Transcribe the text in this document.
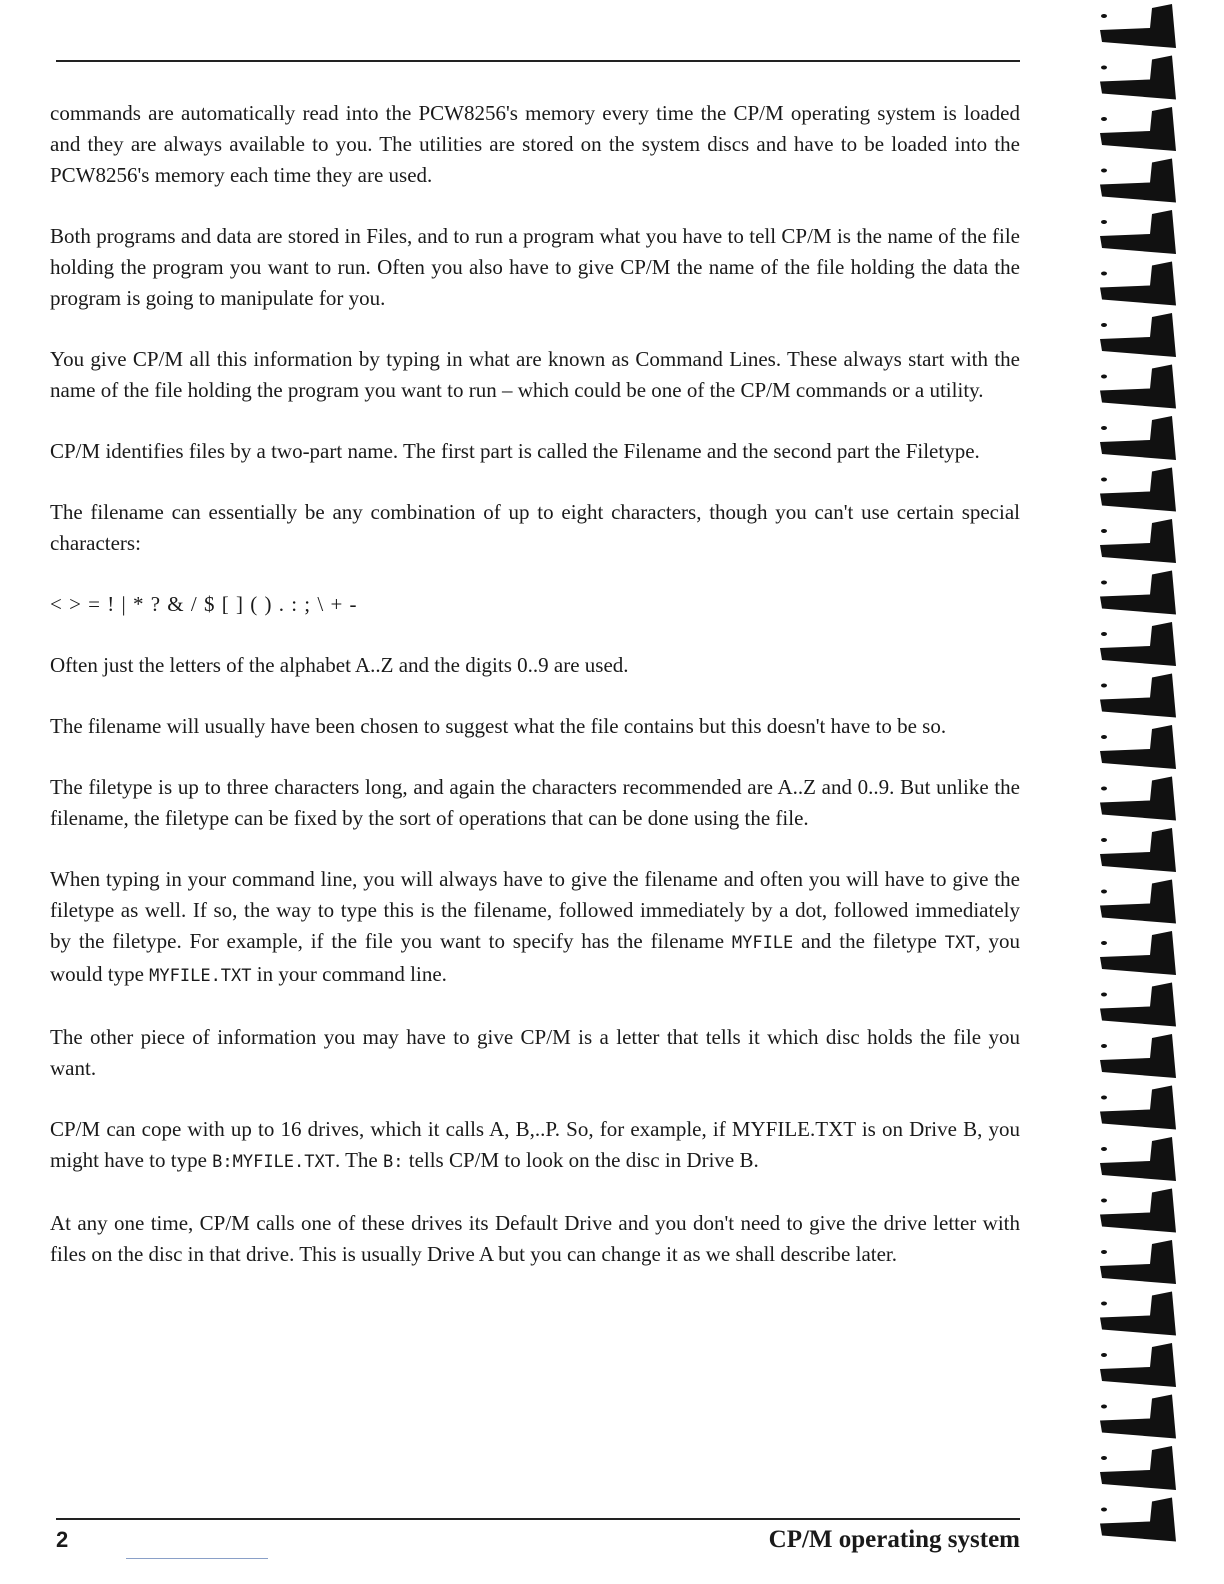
commands are automatically read into the PCW8256's memory every time the CP/M operating system is loaded and they are always available to you. The utilities are stored on the system discs and have to be loaded into the PCW8256's memory each time they are used.

Both programs and data are stored in Files, and to run a program what you have to tell CP/M is the name of the file holding the program you want to run. Often you also have to give CP/M the name of the file holding the data the program is going to manipulate for you.

You give CP/M all this information by typing in what are known as Command Lines. These always start with the name of the file holding the program you want to run – which could be one of the CP/M commands or a utility.

CP/M identifies files by a two-part name. The first part is called the Filename and the second part the Filetype.

The filename can essentially be any combination of up to eight characters, though you can't use certain special characters:

< > = ! | * ? & / $ [ ] ( ) . : ; \ + -

Often just the letters of the alphabet A..Z and the digits 0..9 are used.

The filename will usually have been chosen to suggest what the file contains but this doesn't have to be so.

The filetype is up to three characters long, and again the characters recommended are A..Z and 0..9. But unlike the filename, the filetype can be fixed by the sort of operations that can be done using the file.

When typing in your command line, you will always have to give the filename and often you will have to give the filetype as well. If so, the way to type this is the filename, followed immediately by a dot, followed immediately by the filetype. For example, if the file you want to specify has the filename MYFILE and the filetype TXT, you would type MYFILE.TXT in your command line.

The other piece of information you may have to give CP/M is a letter that tells it which disc holds the file you want.

CP/M can cope with up to 16 drives, which it calls A, B,..P. So, for example, if MYFILE.TXT is on Drive B, you might have to type B:MYFILE.TXT. The B: tells CP/M to look on the disc in Drive B.

At any one time, CP/M calls one of these drives its Default Drive and you don't need to give the drive letter with files on the disc in that drive. This is usually Drive A but you can change it as we shall describe later.

2	CP/M operating system
